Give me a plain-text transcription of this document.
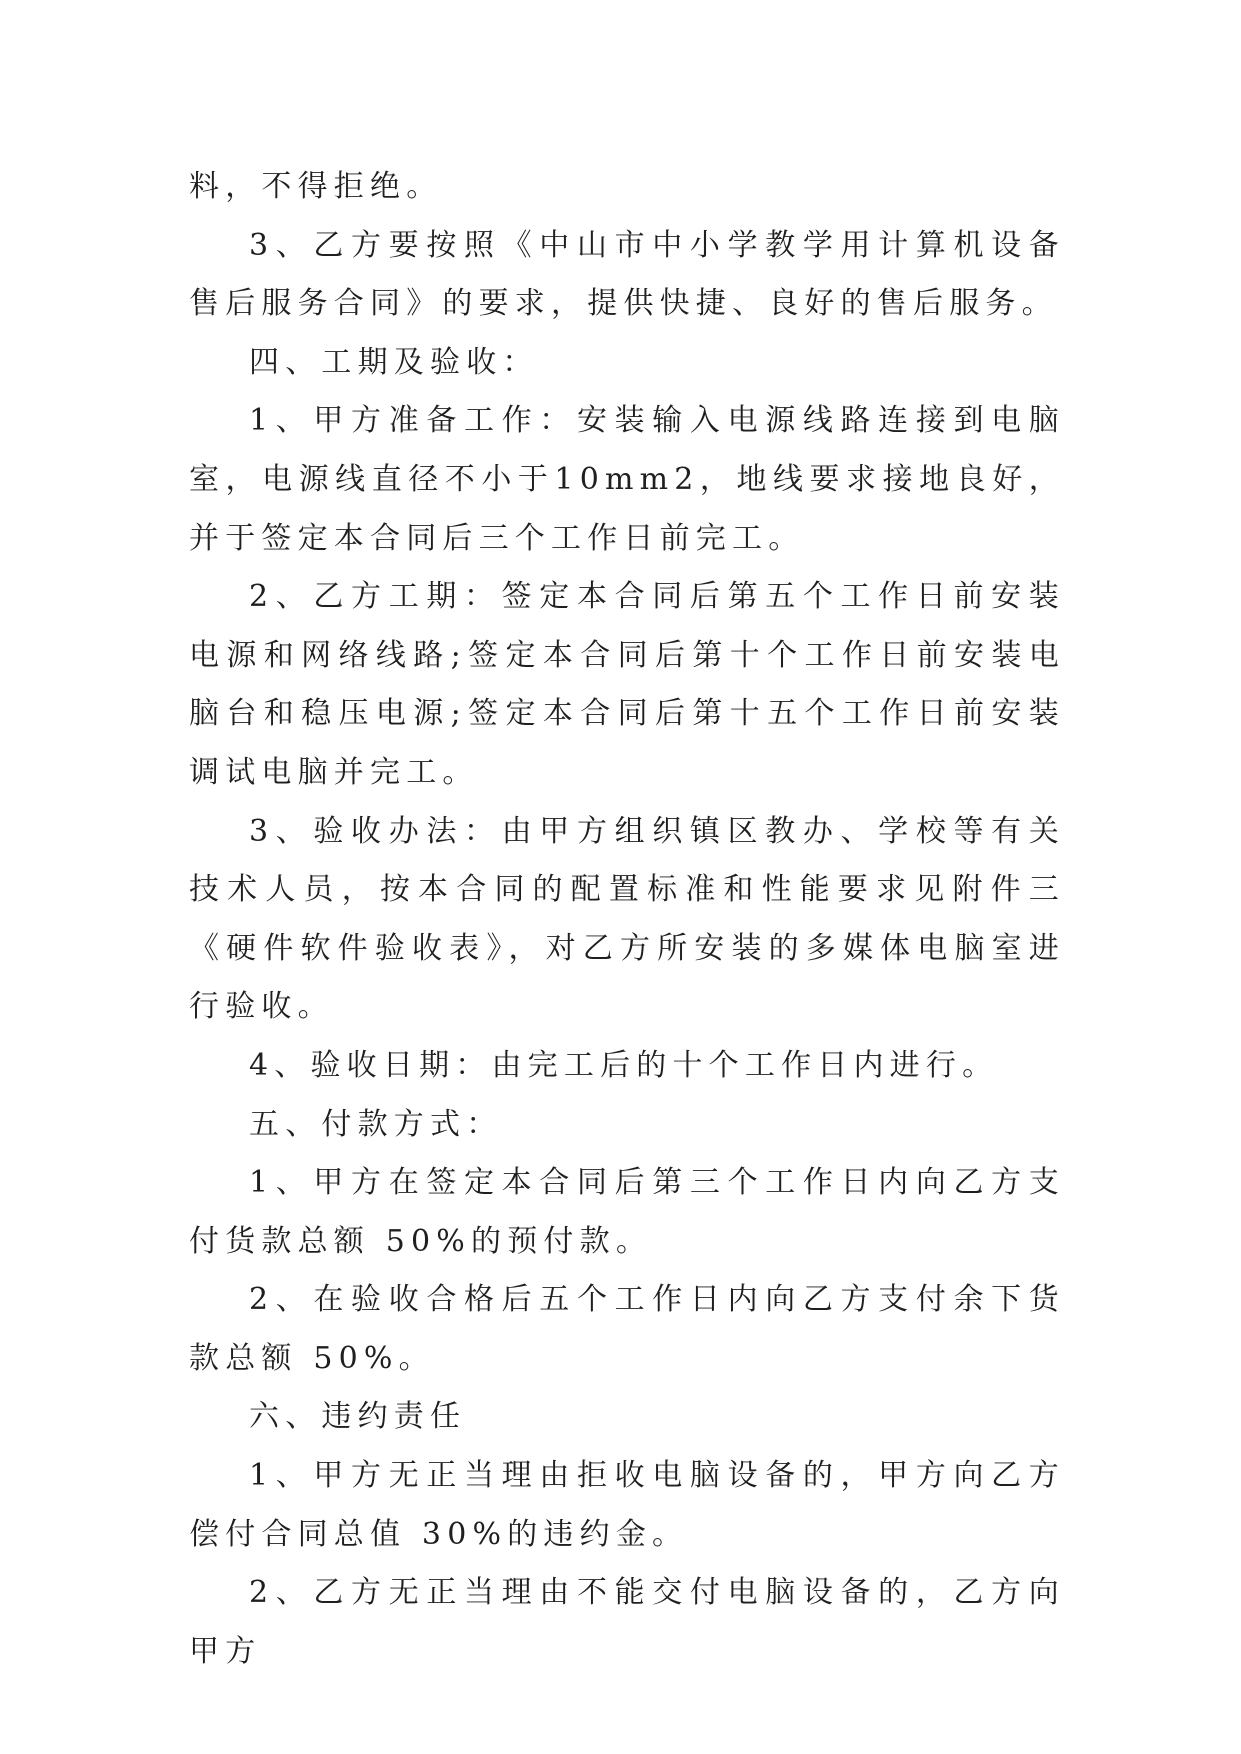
料，不得拒绝。

3、乙方要按照《中山市中小学教学用计算机设备售后服务合同》的要求，提供快捷、良好的售后服务。

四、工期及验收：

1、甲方准备工作：安装输入电源线路连接到电脑室，电源线直径不小于10mm2，地线要求接地良好，并于签定本合同后三个工作日前完工。

2、乙方工期：签定本合同后第五个工作日前安装电源和网络线路;签定本合同后第十个工作日前安装电脑台和稳压电源;签定本合同后第十五个工作日前安装调试电脑并完工。

3、验收办法：由甲方组织镇区教办、学校等有关技术人员，按本合同的配置标准和性能要求见附件三《硬件软件验收表》，对乙方所安装的多媒体电脑室进行验收。

4、验收日期：由完工后的十个工作日内进行。

五、付款方式：

1、甲方在签定本合同后第三个工作日内向乙方支付货款总额 50%的预付款。

2、在验收合格后五个工作日内向乙方支付余下货款总额 50%。

六、违约责任

1、甲方无正当理由拒收电脑设备的，甲方向乙方偿付合同总值 30%的违约金。

2、乙方无正当理由不能交付电脑设备的，乙方向甲方
